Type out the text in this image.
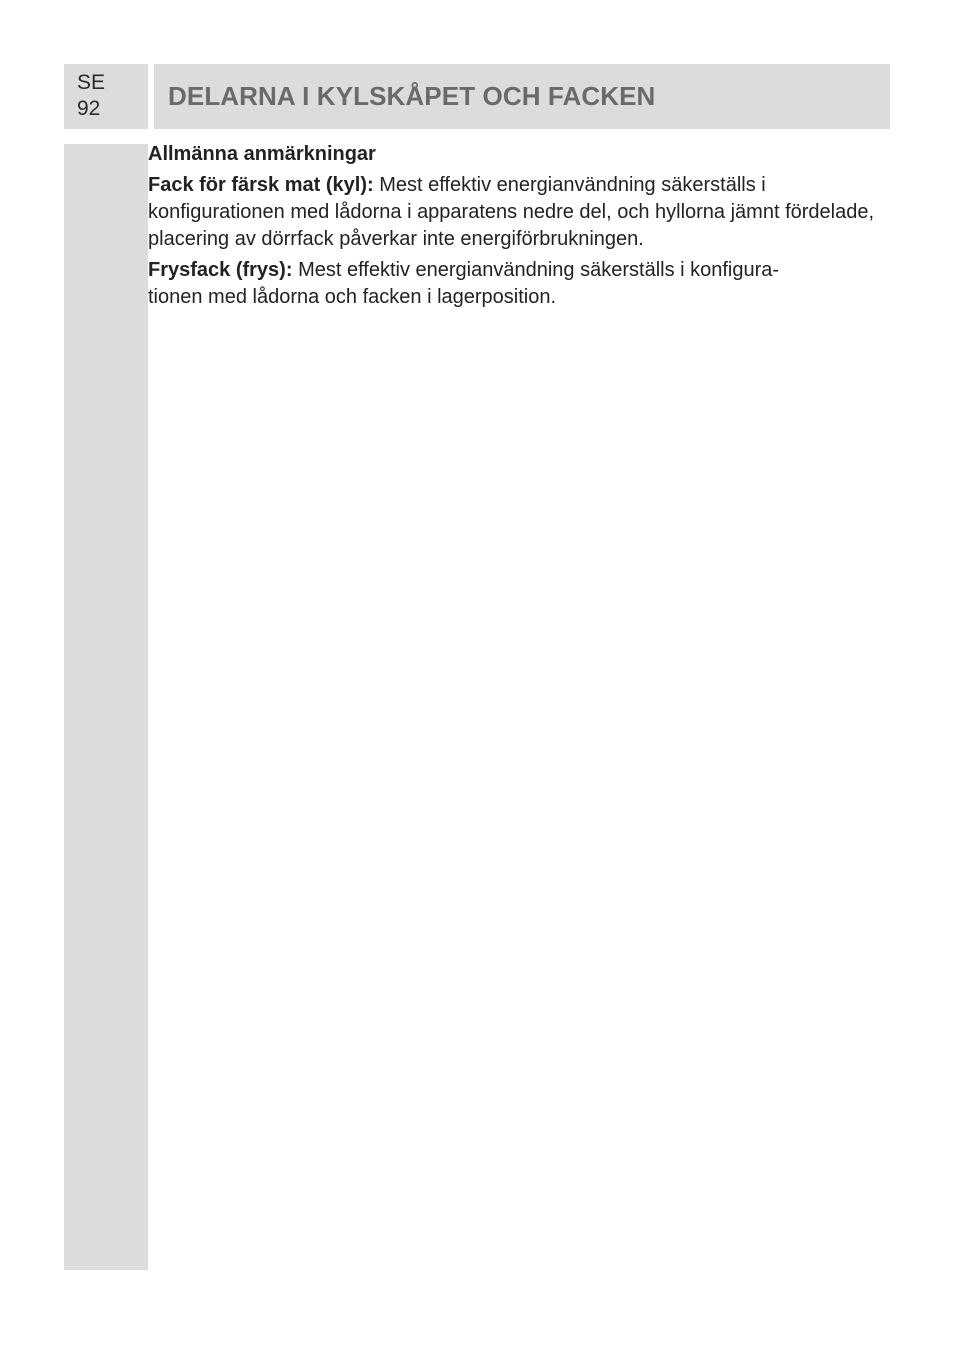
SE
92	DELARNA I KYLSKÅPET OCH FACKEN
Allmänna anmärkningar

Fack för färsk mat (kyl): Mest effektiv energianvändning säkerställs i konfigurationen med lådorna i apparatens nedre del, och hyllorna jämnt fördelade, placering av dörrfack påverkar inte energiförbrukningen.

Frysfack (frys): Mest effektiv energianvändning säkerställs i konfigura-
tionen med lådorna och facken i lagerposition.
